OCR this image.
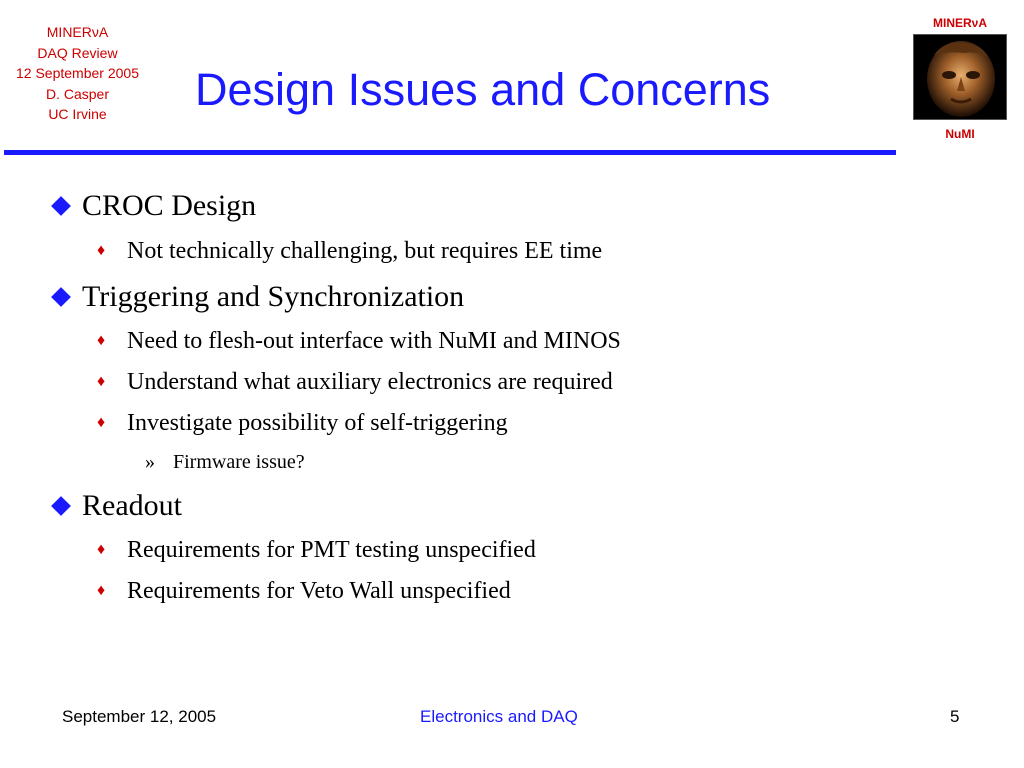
MINERνA
DAQ Review
12 September 2005
D. Casper
UC Irvine	Design Issues and Concerns
MINERνA
NuMI
CROC Design
♦ Not technically challenging, but requires EE time
Triggering and Synchronization
♦ Need to flesh-out interface with NuMI and MINOS
♦ Understand what auxiliary electronics are required
♦ Investigate possibility of self-triggering
» Firmware issue?
Readout
♦ Requirements for PMT testing unspecified
♦ Requirements for Veto Wall unspecified
September 12, 2005	Electronics and DAQ	5
